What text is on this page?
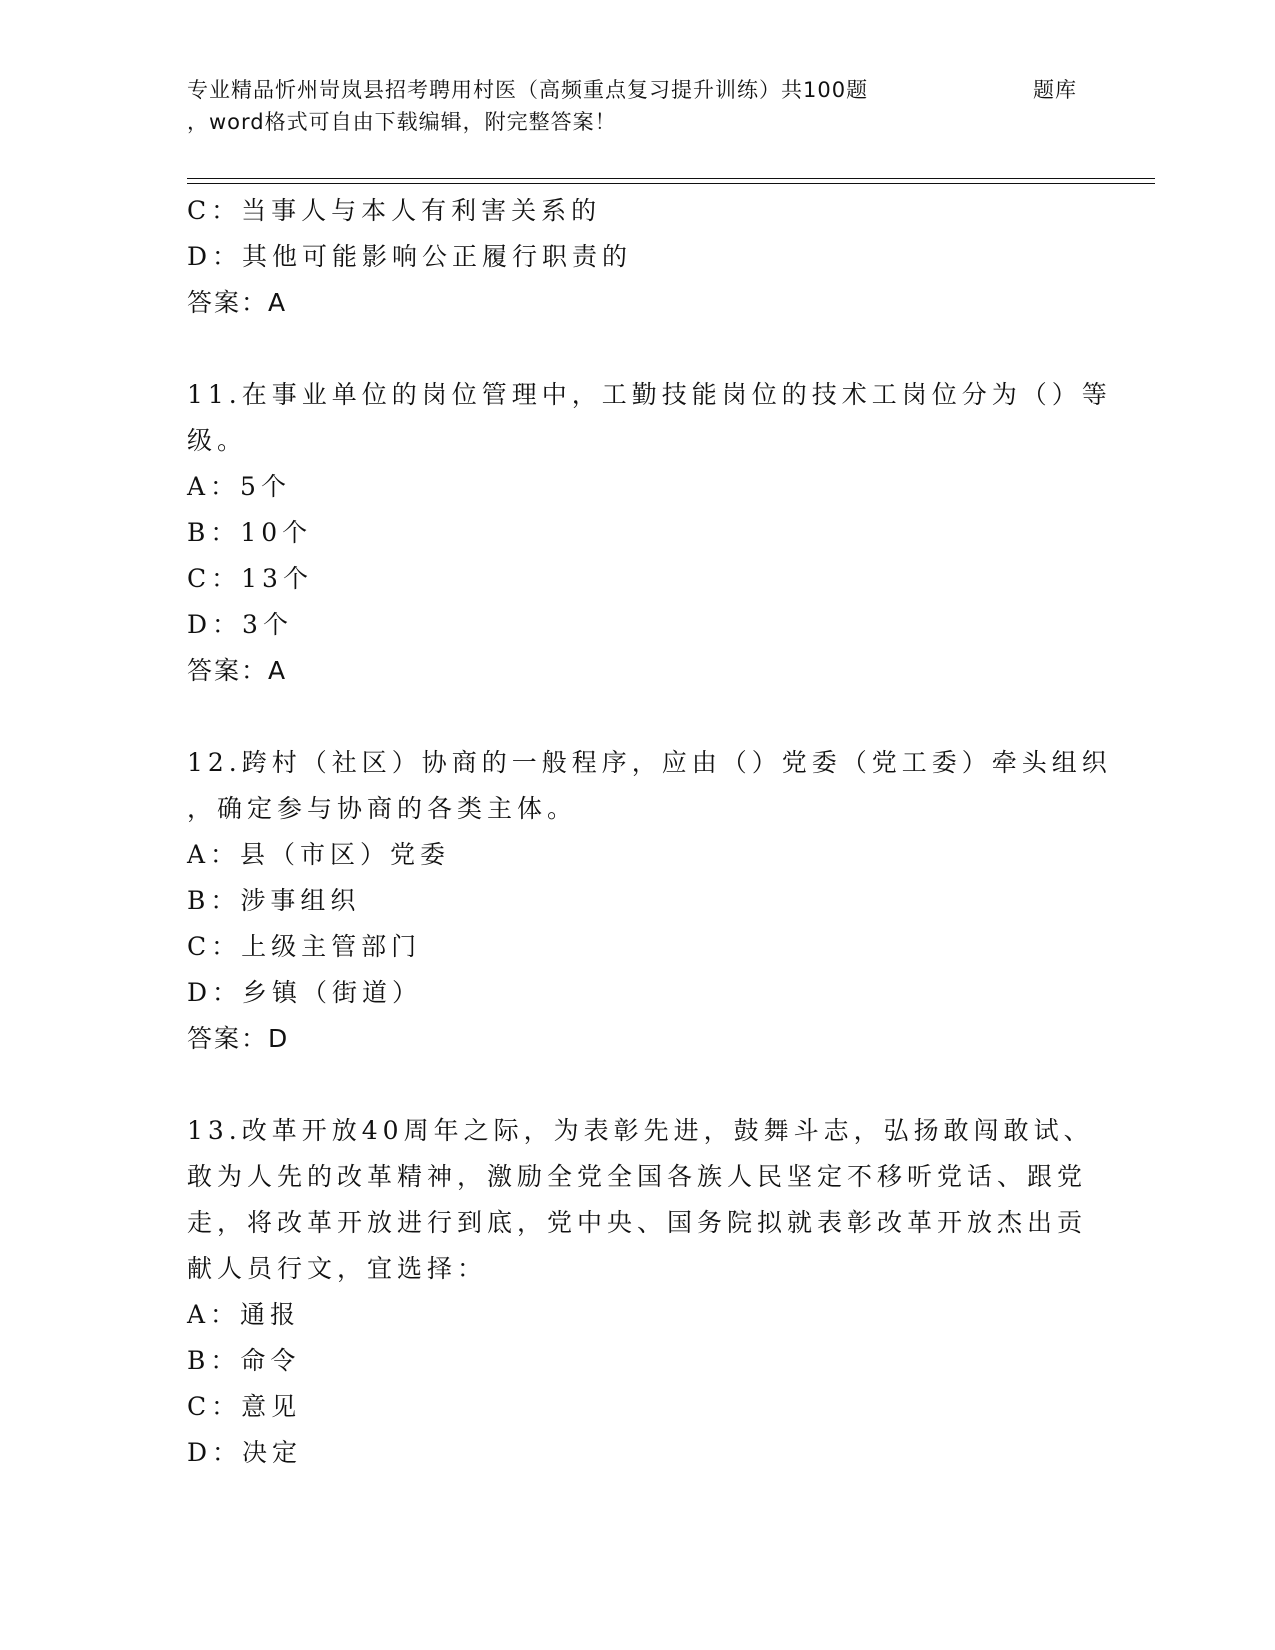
专业精品忻州岢岚县招考聘用村医（高频重点复习提升训练）共100题
，word格式可自由下载编辑，附完整答案！
题库
C：当事人与本人有利害关系的
D：其他可能影响公正履行职责的
答案：A
11.在事业单位的岗位管理中，工勤技能岗位的技术工岗位分为（）等
级。
A：5个
B：10个
C：13个
D：3个
答案：A
12.跨村（社区）协商的一般程序，应由（）党委（党工委）牵头组织
，确定参与协商的各类主体。
A：县（市区）党委
B：涉事组织
C：上级主管部门
D：乡镇（街道）
答案：D
13.改革开放40周年之际，为表彰先进，鼓舞斗志，弘扬敢闯敢试、
敢为人先的改革精神，激励全党全国各族人民坚定不移听党话、跟党
走，将改革开放进行到底，党中央、国务院拟就表彰改革开放杰出贡
献人员行文，宜选择：
A：通报
B：命令
C：意见
D：决定
